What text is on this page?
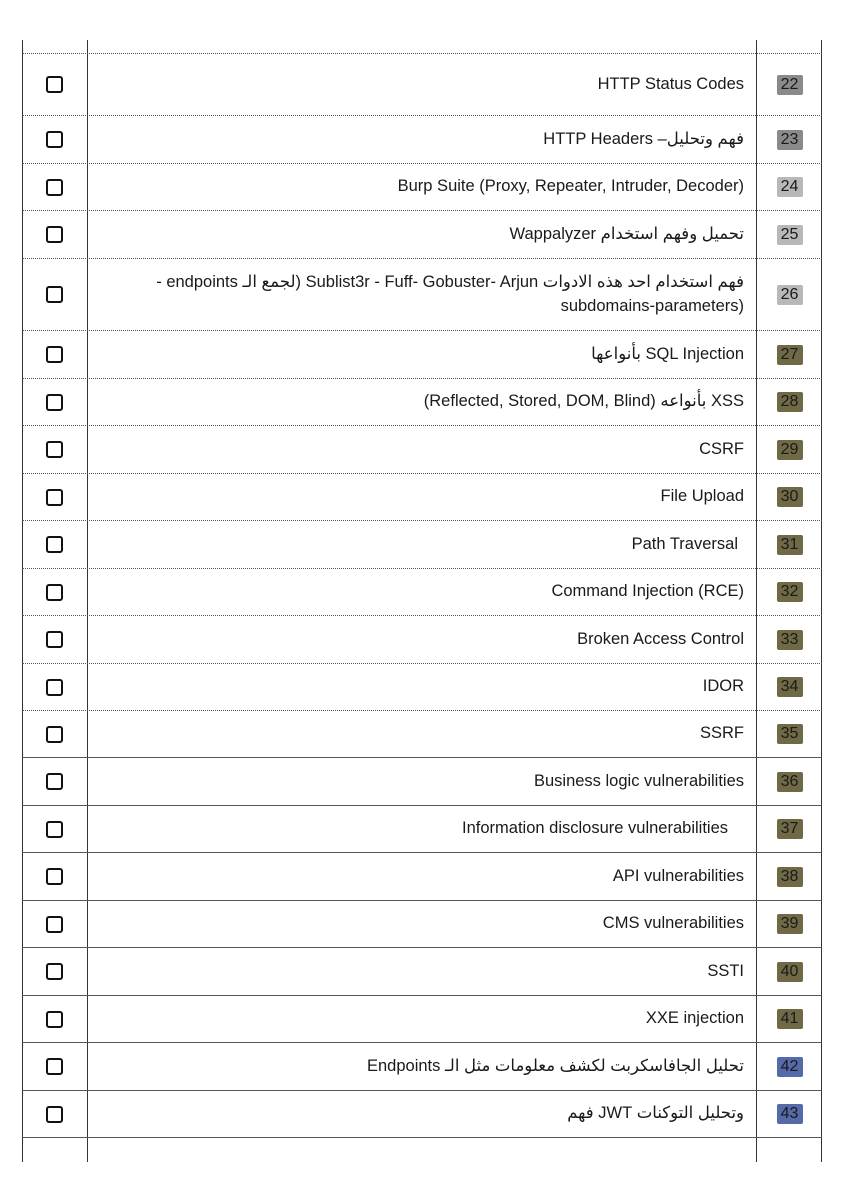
HTTP Status Codes 22
فهم وتحليل– HTTP Headers 23
Burp Suite (Proxy, Repeater, Intruder, Decoder) 24
تحميل وفهم استخدام Wappalyzer 25
فهم استخدام احد هذه الادوات Sublist3r - Fuff- Gobuster- Arjun (لجمع الـ endpoints -
(subdomains-parameters
26
SQL Injection بأنواعها 27
XSS بأنواعه (Reflected, Stored, DOM, Blind) 28
CSRF 29
File Upload 30
Path Traversal	31
Command Injection (RCE) 32
Broken Access Control 33
IDOR 34
SSRF 35
Business logic vulnerabilities 36
Information disclosure vulnerabilities	37
API vulnerabilities 38
CMS vulnerabilities 39
SSTI 40
XXE injection 41
تحليل الجافاسكربت لكشف معلومات مثل الـ Endpoints 42
وتحليل التوكنات JWT فهم 43
